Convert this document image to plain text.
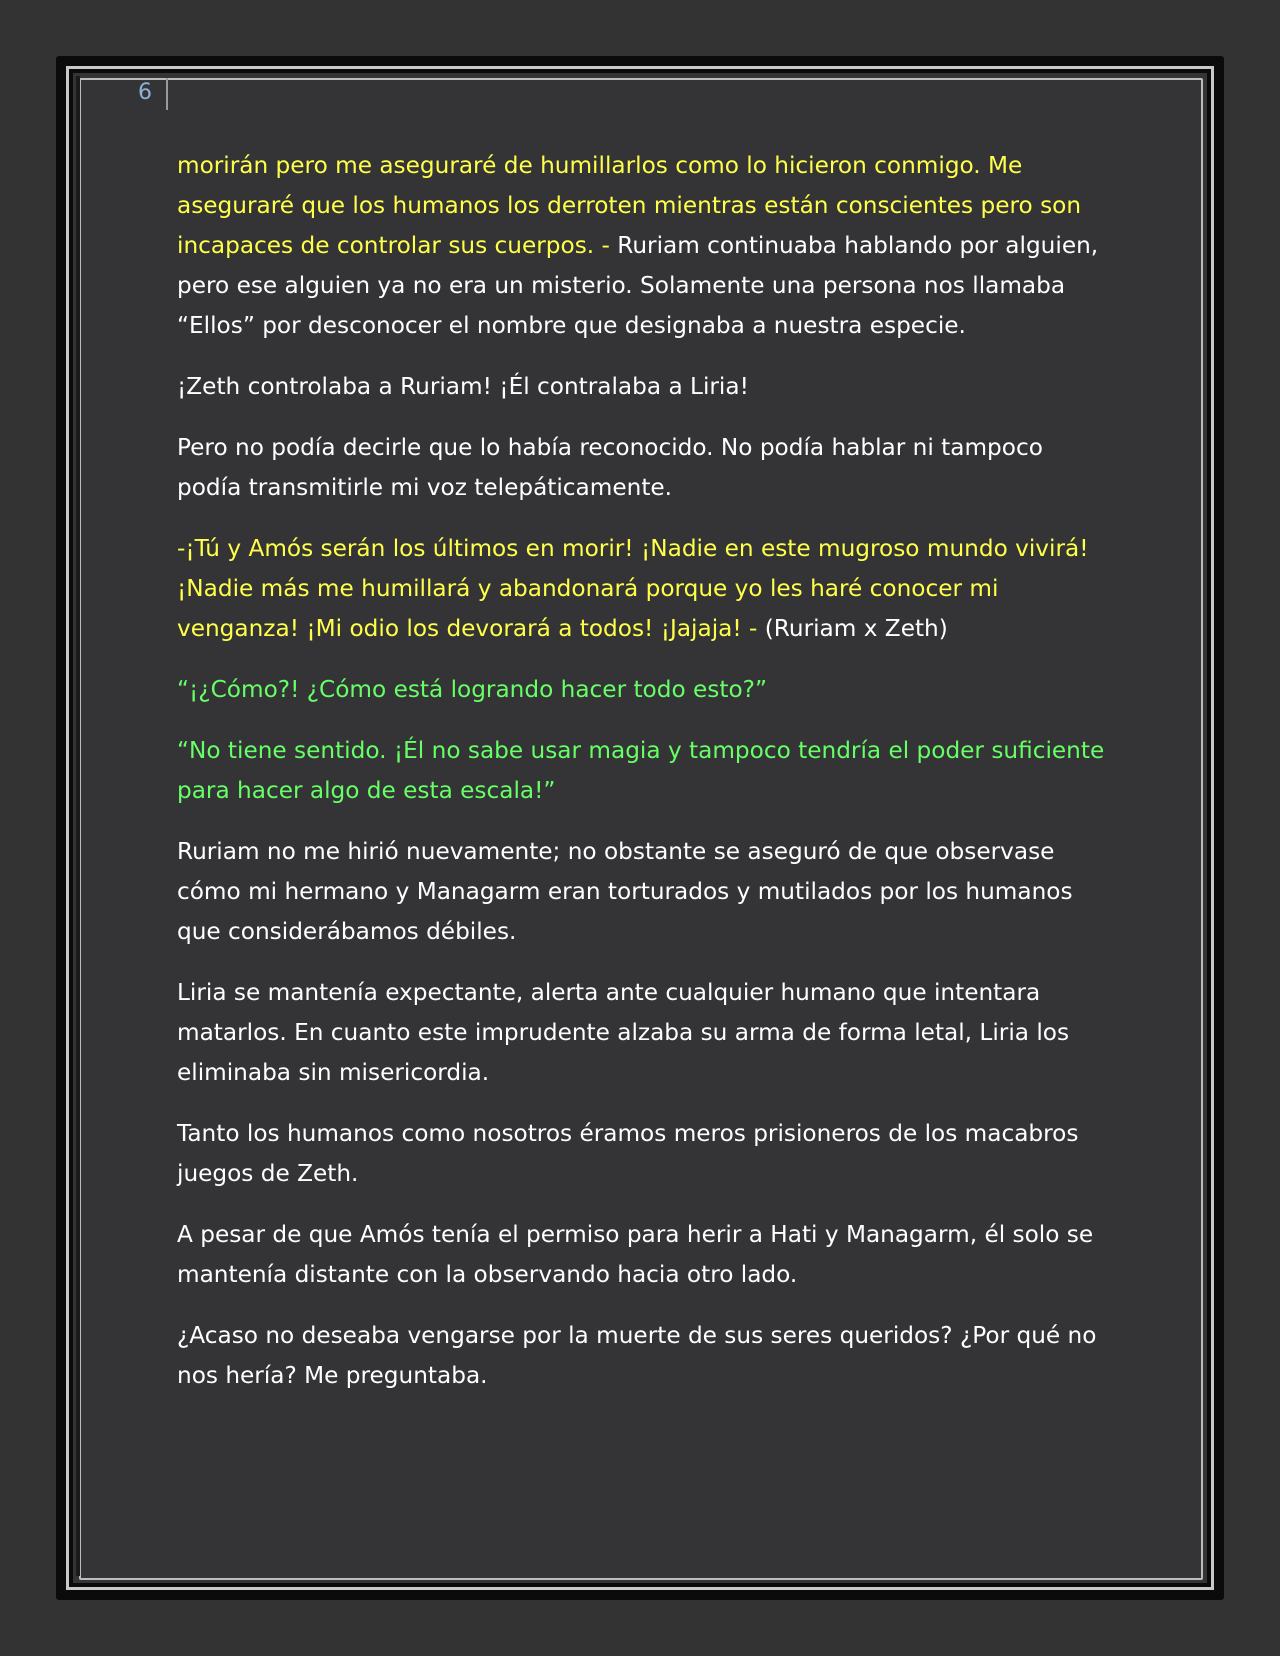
6

morirán pero me aseguraré de humillarlos como lo hicieron conmigo. Me aseguraré que los humanos los derroten mientras están conscientes pero son incapaces de controlar sus cuerpos. - Ruriam continuaba hablando por alguien, pero ese alguien ya no era un misterio. Solamente una persona nos llamaba “Ellos” por desconocer el nombre que designaba a nuestra especie.

¡Zeth controlaba a Ruriam! ¡Él contralaba a Liria!

Pero no podía decirle que lo había reconocido. No podía hablar ni tampoco podía transmitirle mi voz telepáticamente.

-¡Tú y Amós serán los últimos en morir! ¡Nadie en este mugroso mundo vivirá! ¡Nadie más me humillará y abandonará porque yo les haré conocer mi venganza! ¡Mi odio los devorará a todos! ¡Jajaja! - (Ruriam x Zeth)

“¡¿Cómo?! ¿Cómo está logrando hacer todo esto?”

“No tiene sentido. ¡Él no sabe usar magia y tampoco tendría el poder suficiente para hacer algo de esta escala!”

Ruriam no me hirió nuevamente; no obstante se aseguró de que observase cómo mi hermano y Managarm eran torturados y mutilados por los humanos que considerábamos débiles.

Liria se mantenía expectante, alerta ante cualquier humano que intentara matarlos. En cuanto este imprudente alzaba su arma de forma letal, Liria los eliminaba sin misericordia.

Tanto los humanos como nosotros éramos meros prisioneros de los macabros juegos de Zeth.

A pesar de que Amós tenía el permiso para herir a Hati y Managarm, él solo se mantenía distante con la observando hacia otro lado.

¿Acaso no deseaba vengarse por la muerte de sus seres queridos? ¿Por qué no nos hería? Me preguntaba.
